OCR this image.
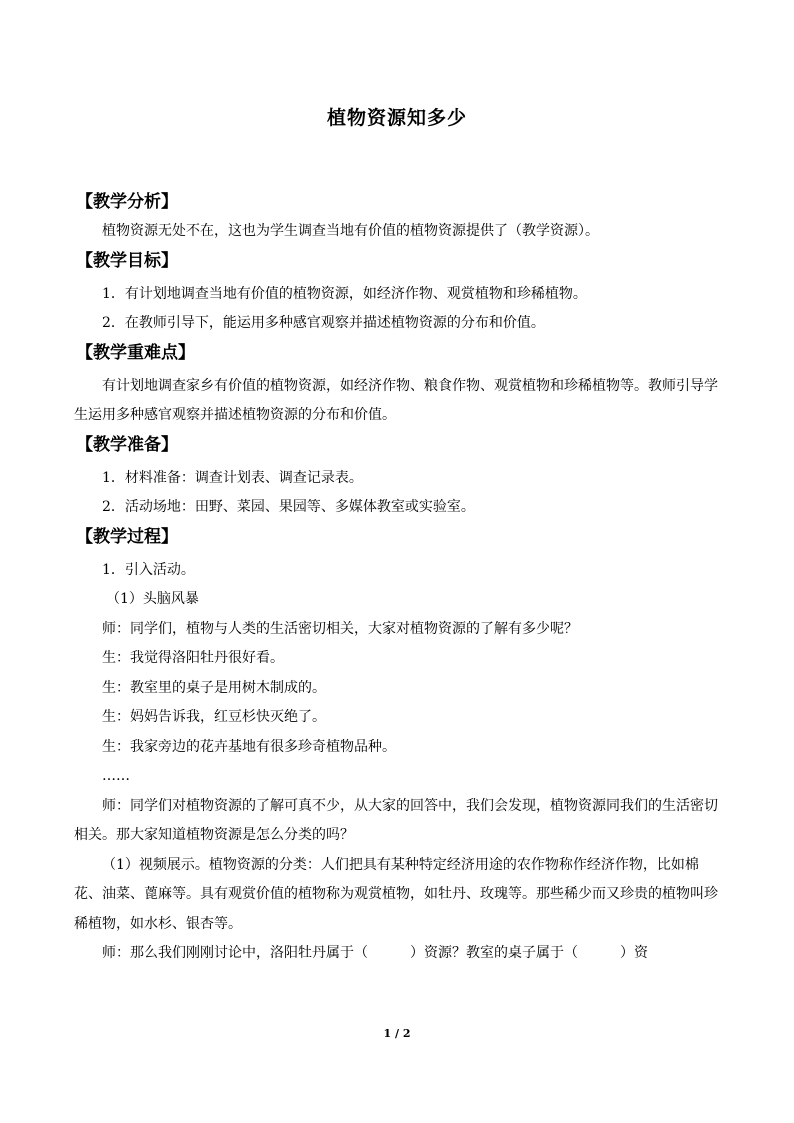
植物资源知多少
【教学分析】
植物资源无处不在，这也为学生调查当地有价值的植物资源提供了（教学资源）。
【教学目标】
1．有计划地调查当地有价值的植物资源，如经济作物、观赏植物和珍稀植物。
2．在教师引导下，能运用多种感官观察并描述植物资源的分布和价值。
【教学重难点】
有计划地调查家乡有价值的植物资源，如经济作物、粮食作物、观赏植物和珍稀植物等。教师引导学生运用多种感官观察并描述植物资源的分布和价值。
【教学准备】
1．材料准备：调查计划表、调查记录表。
2．活动场地：田野、菜园、果园等、多媒体教室或实验室。
【教学过程】
1．引入活动。
（1）头脑风暴
师：同学们，植物与人类的生活密切相关，大家对植物资源的了解有多少呢？
生：我觉得洛阳牡丹很好看。
生：教室里的桌子是用树木制成的。
生：妈妈告诉我，红豆杉快灭绝了。
生：我家旁边的花卉基地有很多珍奇植物品种。
……
师：同学们对植物资源的了解可真不少，从大家的回答中，我们会发现，植物资源同我们的生活密切相关。那大家知道植物资源是怎么分类的吗？
（1）视频展示。植物资源的分类：人们把具有某种特定经济用途的农作物称作经济作物，比如棉花、油菜、蓖麻等。具有观赏价值的植物称为观赏植物，如牡丹、玫瑰等。那些稀少而又珍贵的植物叫珍稀植物，如水杉、银杏等。
师：那么我们刚刚讨论中，洛阳牡丹属于（　　　）资源？教室的桌子属于（　　　）资
1 / 2
